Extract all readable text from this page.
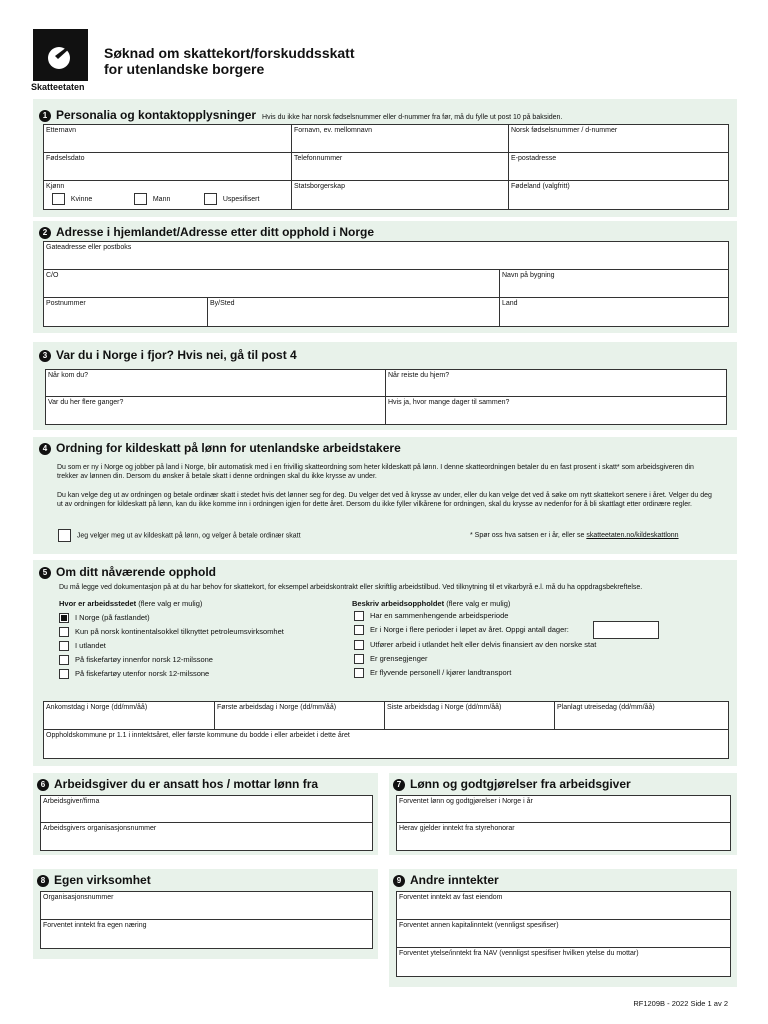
Skatteetaten
Søknad om skattekort/forskuddsskatt
for utenlandske borgere
1 Personalia og kontaktopplysninger Hvis du ikke har norsk fødselsnummer eller d-nummer fra før, må du fylle ut post 10 på baksiden.
Etternavn	Fornavn, ev. mellomnavn	Norsk fødselsnummer / d-nummer
Fødselsdato	Telefonnummer	E-postadresse
Kjønn
Kvinne	Mann	Uspesifisert
Statsborgerskap	Fødeland (valgfritt)
2 Adresse i hjemlandet/Adresse etter ditt opphold i Norge
Gateadresse eller postboks
C/O	Navn på bygning
Postnummer	By/Sted	Land
3 Var du i Norge i fjor? Hvis nei, gå til post 4
Når kom du?	Når reiste du hjem?
Var du her flere ganger?	Hvis ja, hvor mange dager til sammen?
4 Ordning for kildeskatt på lønn for utenlandske arbeidstakere
Du som er ny i Norge og jobber på land i Norge, blir automatisk med i en frivillig skatteordning som heter kildeskatt på lønn. I denne skatteordningen betaler du en fast prosent i skatt* som arbeidsgiveren din trekker av lønnen din. Dersom du ønsker å betale skatt i denne ordningen skal du ikke krysse av under.
Du kan velge deg ut av ordningen og betale ordinær skatt i stedet hvis det lønner seg for deg. Du velger det ved å krysse av under, eller du kan velge det ved å søke om nytt skattekort senere i året. Velger du deg ut av ordningen for kildeskatt på lønn, kan du ikke komme inn i ordningen igjen for dette året. Dersom du ikke fyller vilkårene for ordningen, skal du krysse av nedenfor for å bli skattlagt etter ordinære regler.
Jeg velger meg ut av kildeskatt på lønn, og velger å betale ordinær skatt	* Spør oss hva satsen er i år, eller se skatteetaten.no/kildeskattlonn
5 Om ditt nåværende opphold
Du må legge ved dokumentasjon på at du har behov for skattekort, for eksempel arbeidskontrakt eller skriftlig arbeidstilbud. Ved tilknytning til et vikarbyrå e.l. må du ha oppdragsbekreftelse.
Hvor er arbeidsstedet (flere valg er mulig)	Beskriv arbeidsoppholdet (flere valg er mulig)
I Norge (på fastlandet)
Kun på norsk kontinentalsokkel tilknyttet petroleumsvirksomhet
I utlandet
På fiskefartøy innenfor norsk 12-milssone
På fiskefartøy utenfor norsk 12-milssone
Har en sammenhengende arbeidsperiode
Er i Norge i flere perioder i løpet av året. Oppgi antall dager:
Utfører arbeid i utlandet helt eller delvis finansiert av den norske stat
Er grensegjenger
Er flyvende personell / kjører landtransport
Ankomstdag i Norge (dd/mm/åå)	Første arbeidsdag i Norge (dd/mm/åå)	Siste arbeidsdag i Norge (dd/mm/åå)	Planlagt utreisedag (dd/mm/åå)
Oppholdskommune pr 1.1 i inntektsåret, eller første kommune du bodde i eller arbeidet i dette året
6 Arbeidsgiver du er ansatt hos / mottar lønn fra
Arbeidsgiver/firma
Arbeidsgivers organisasjonsnummer
7 Lønn og godtgjørelser fra arbeidsgiver
Forventet lønn og godtgjørelser i Norge i år
Herav gjelder inntekt fra styrehonorar
8 Egen virksomhet
Organisasjonsnummer
Forventet inntekt fra egen næring
9 Andre inntekter
Forventet inntekt av fast eiendom
Forventet annen kapitalinntekt (vennligst spesifiser)
Forventet ytelse/inntekt fra NAV (vennligst spesifiser hvilken ytelse du mottar)
RF1209B - 2022 Side 1 av 2
